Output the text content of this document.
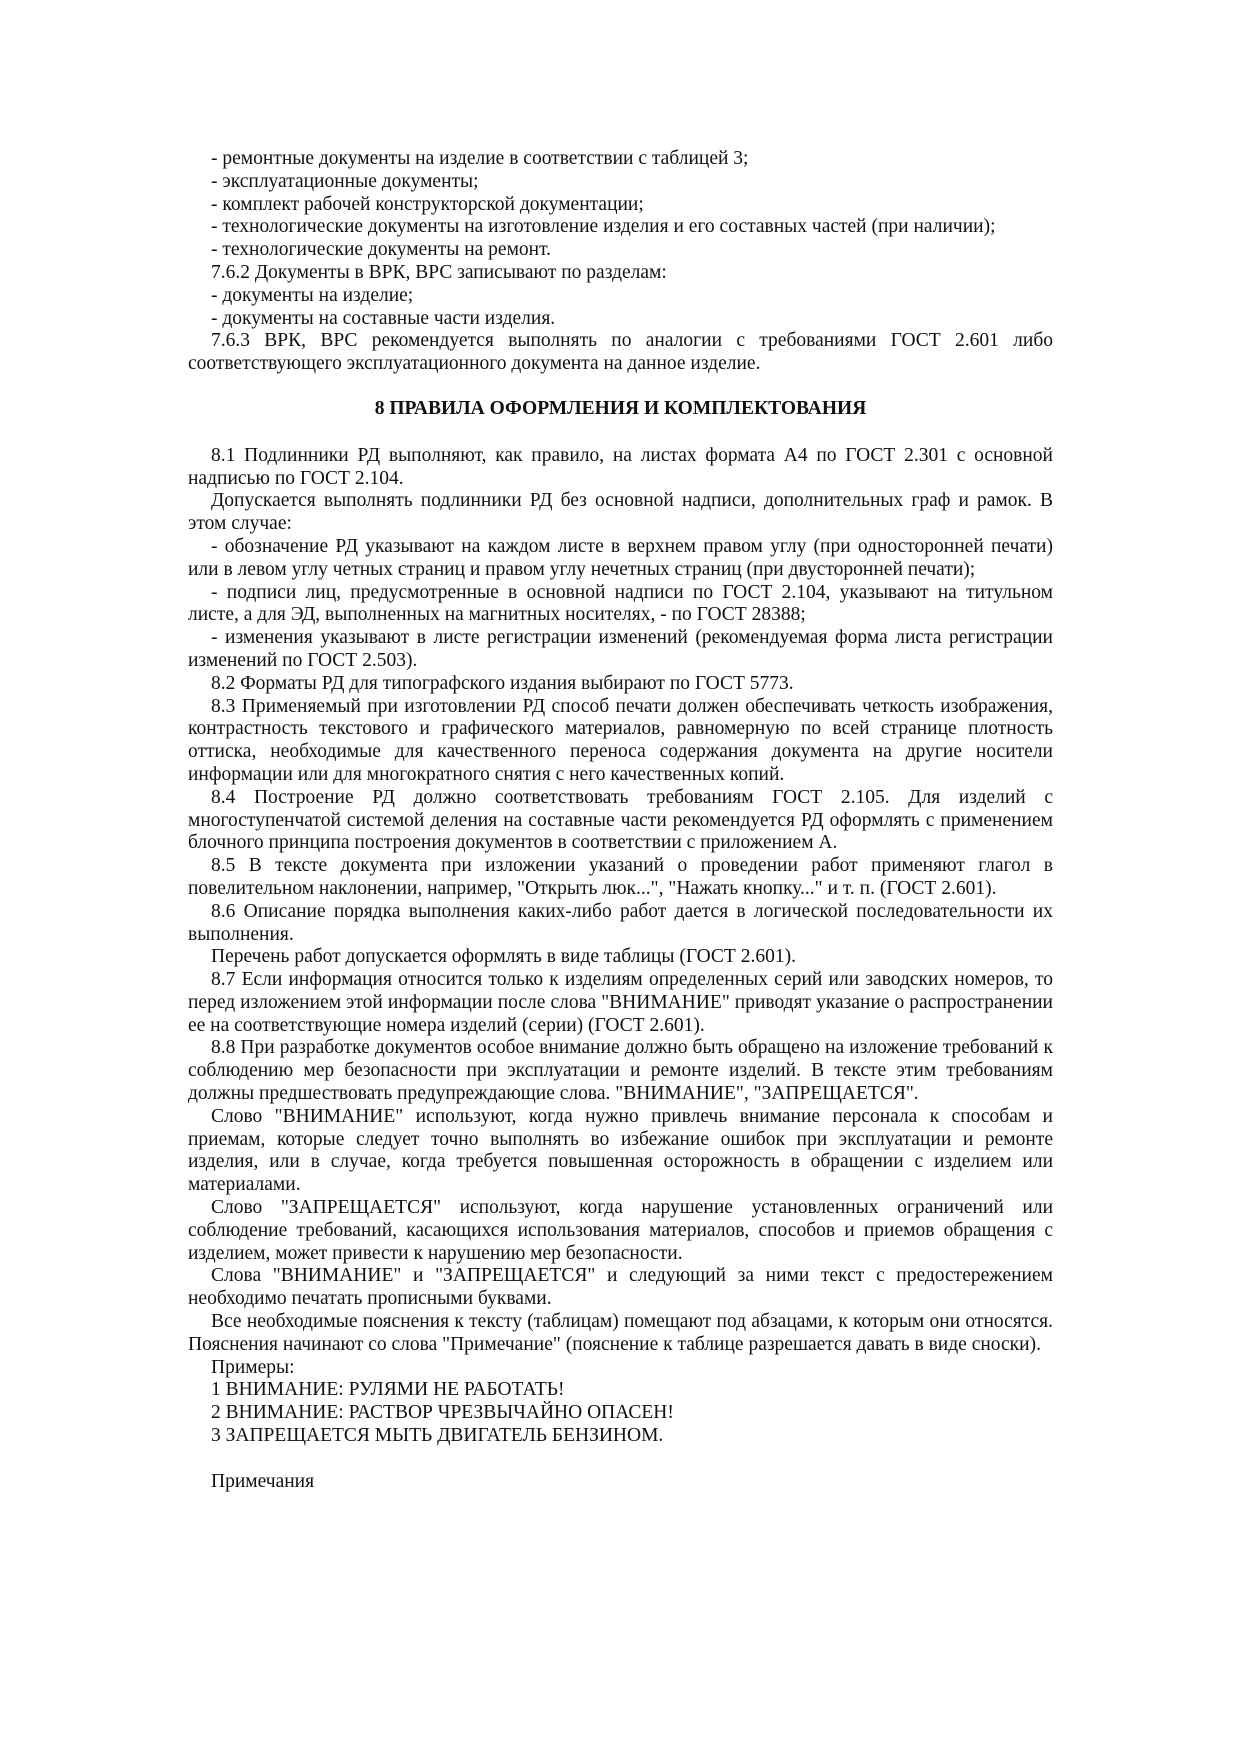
- ремонтные документы на изделие в соответствии с таблицей 3;

- эксплуатационные документы;

- комплект рабочей конструкторской документации;

- технологические документы на изготовление изделия и его составных частей (при наличии);

- технологические документы на ремонт.

7.6.2 Документы в ВРК, ВРС записывают по разделам:

- документы на изделие;

- документы на составные части изделия.

7.6.3 ВРК, ВРС рекомендуется выполнять по аналогии с требованиями ГОСТ 2.601 либо соответствующего эксплуатационного документа на данное изделие.

8 ПРАВИЛА ОФОРМЛЕНИЯ И КОМПЛЕКТОВАНИЯ

8.1 Подлинники РД выполняют, как правило, на листах формата А4 по ГОСТ 2.301 с основной надписью по ГОСТ 2.104.

Допускается выполнять подлинники РД без основной надписи, дополнительных граф и рамок. В этом случае:

- обозначение РД указывают на каждом листе в верхнем правом углу (при односторонней печати) или в левом углу четных страниц и правом углу нечетных страниц (при двусторонней печати);

- подписи лиц, предусмотренные в основной надписи по ГОСТ 2.104, указывают на титульном листе, а для ЭД, выполненных на магнитных носителях, - по ГОСТ 28388;

- изменения указывают в листе регистрации изменений (рекомендуемая форма листа регистрации изменений по ГОСТ 2.503).

8.2 Форматы РД для типографского издания выбирают по ГОСТ 5773.

8.3 Применяемый при изготовлении РД способ печати должен обеспечивать четкость изображения, контрастность текстового и графического материалов, равномерную по всей странице плотность оттиска, необходимые для качественного переноса содержания документа на другие носители информации или для многократного снятия с него качественных копий.

8.4 Построение РД должно соответствовать требованиям ГОСТ 2.105. Для изделий с многоступенчатой системой деления на составные части рекомендуется РД оформлять с применением блочного принципа построения документов в соответствии с приложением А.

8.5 В тексте документа при изложении указаний о проведении работ применяют глагол в повелительном наклонении, например, "Открыть люк...", "Нажать кнопку..." и т. п. (ГОСТ 2.601).

8.6 Описание порядка выполнения каких-либо работ дается в логической последовательности их выполнения.

Перечень работ допускается оформлять в виде таблицы (ГОСТ 2.601).

8.7 Если информация относится только к изделиям определенных серий или заводских номеров, то перед изложением этой информации после слова "ВНИМАНИЕ" приводят указание о распространении ее на соответствующие номера изделий (серии) (ГОСТ 2.601).

8.8 При разработке документов особое внимание должно быть обращено на изложение требований к соблюдению мер безопасности при эксплуатации и ремонте изделий. В тексте этим требованиям должны предшествовать предупреждающие слова. "ВНИМАНИЕ", "ЗАПРЕЩАЕТСЯ".

Слово "ВНИМАНИЕ" используют, когда нужно привлечь внимание персонала к способам и приемам, которые следует точно выполнять во избежание ошибок при эксплуатации и ремонте изделия, или в случае, когда требуется повышенная осторожность в обращении с изделием или материалами.

Слово "ЗАПРЕЩАЕТСЯ" используют, когда нарушение установленных ограничений или соблюдение требований, касающихся использования материалов, способов и приемов обращения с изделием, может привести к нарушению мер безопасности.

Слова "ВНИМАНИЕ" и "ЗАПРЕЩАЕТСЯ" и следующий за ними текст с предостережением необходимо печатать прописными буквами.

Все необходимые пояснения к тексту (таблицам) помещают под абзацами, к которым они относятся. Пояснения начинают со слова "Примечание" (пояснение к таблице разрешается давать в виде сноски).

Примеры:

1 ВНИМАНИЕ: РУЛЯМИ НЕ РАБОТАТЬ!

2 ВНИМАНИЕ: РАСТВОР ЧРЕЗВЫЧАЙНО ОПАСЕН!

3 ЗАПРЕЩАЕТСЯ МЫТЬ ДВИГАТЕЛЬ БЕНЗИНОМ.

Примечания
